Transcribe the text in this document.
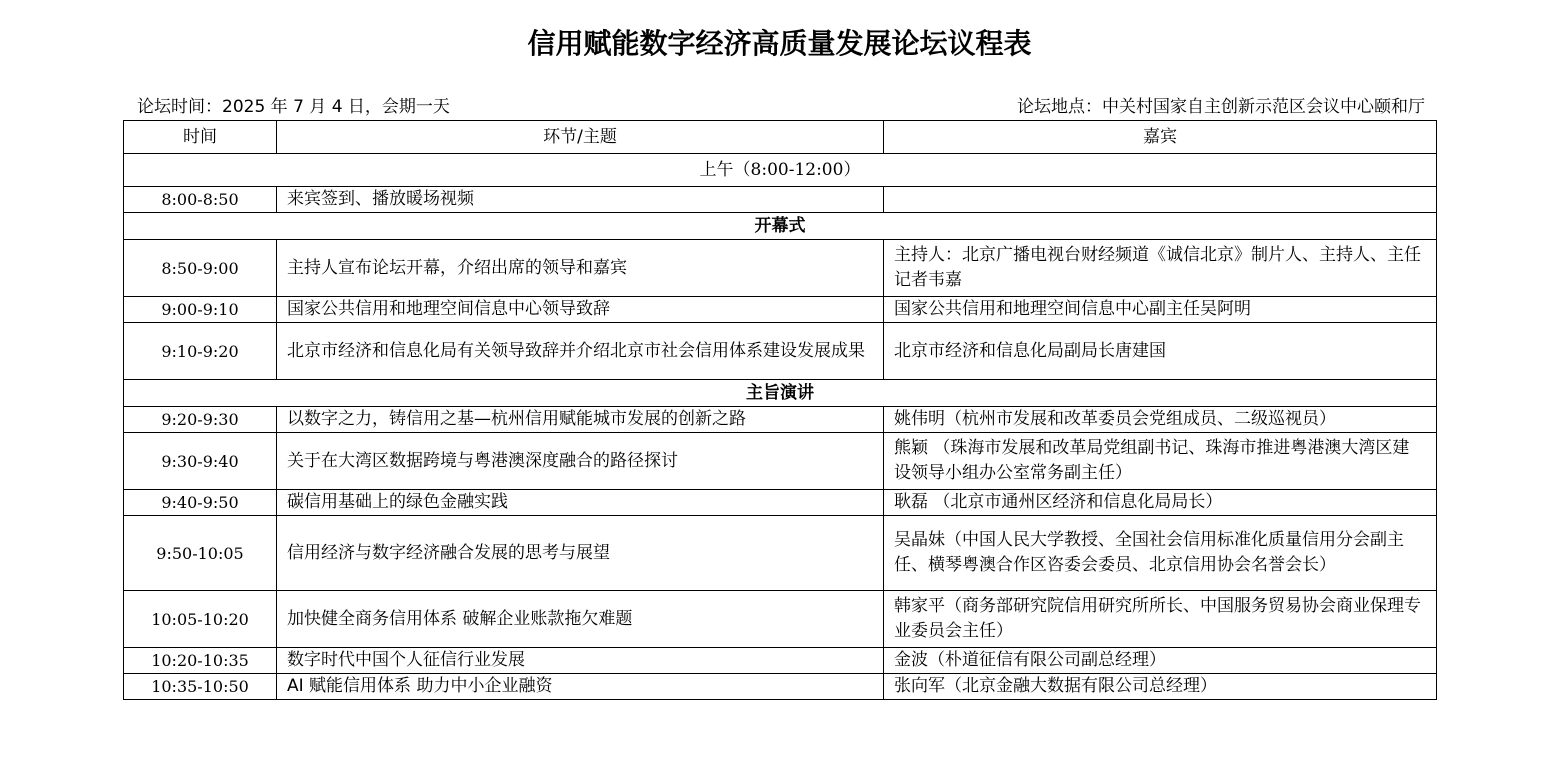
信用赋能数字经济高质量发展论坛议程表
论坛时间：2025 年 7 月 4 日，会期一天	论坛地点：中关村国家自主创新示范区会议中心颐和厅
时间	环节/主题	嘉宾
上午（8:00-12:00）		
8:00-8:50	来宾签到、播放暖场视频	
开幕式		
8:50-9:00	主持人宣布论坛开幕，介绍出席的领导和嘉宾	主持人：北京广播电视台财经频道《诚信北京》制片人、主持人、主任记者韦嘉
9:00-9:10	国家公共信用和地理空间信息中心领导致辞	国家公共信用和地理空间信息中心副主任吴阿明
9:10-9:20	北京市经济和信息化局有关领导致辞并介绍北京市社会信用体系建设发展成果	北京市经济和信息化局副局长唐建国
主旨演讲		
9:20-9:30	以数字之力，铸信用之基—杭州信用赋能城市发展的创新之路	姚伟明（杭州市发展和改革委员会党组成员、二级巡视员）
9:30-9:40	关于在大湾区数据跨境与粤港澳深度融合的路径探讨	熊颖 （珠海市发展和改革局党组副书记、珠海市推进粤港澳大湾区建设领导小组办公室常务副主任）
9:40-9:50	碳信用基础上的绿色金融实践	耿磊 （北京市通州区经济和信息化局局长）
9:50-10:05	信用经济与数字经济融合发展的思考与展望	吴晶妹（中国人民大学教授、全国社会信用标准化质量信用分会副主任、横琴粤澳合作区咨委会委员、北京信用协会名誉会长）
10:05-10:20	加快健全商务信用体系 破解企业账款拖欠难题	韩家平（商务部研究院信用研究所所长、中国服务贸易协会商业保理专业委员会主任）
10:20-10:35	数字时代中国个人征信行业发展	金波（朴道征信有限公司副总经理）
10:35-10:50	AI 赋能信用体系 助力中小企业融资	张向军（北京金融大数据有限公司总经理）
